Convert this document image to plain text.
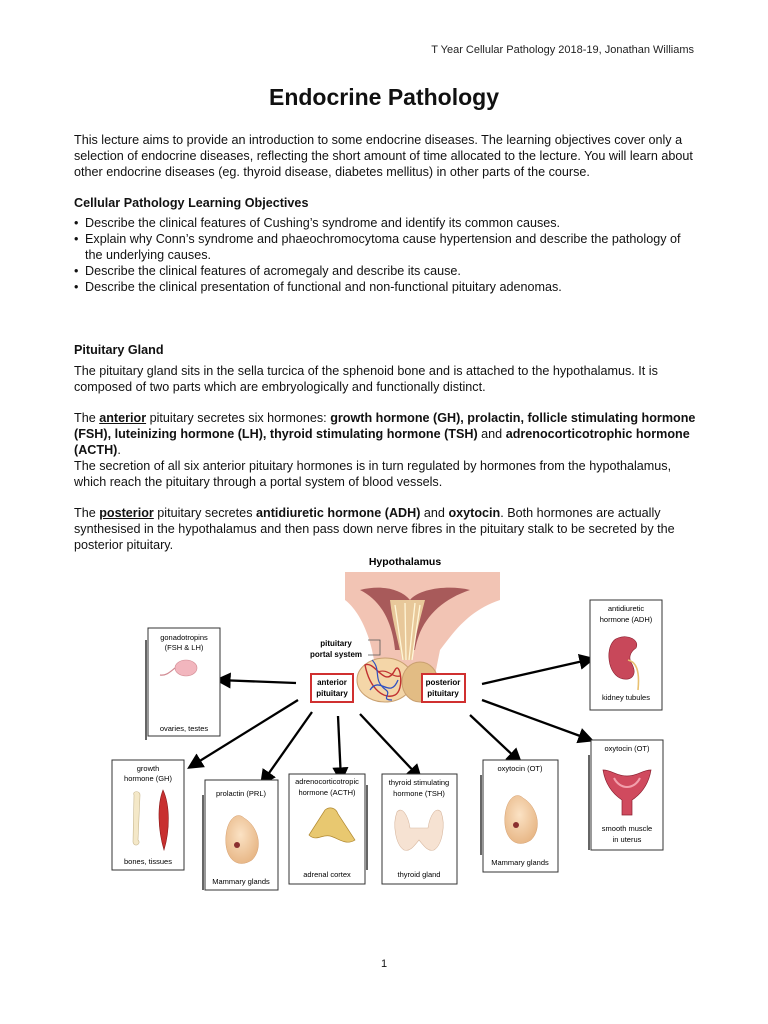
T Year Cellular Pathology 2018-19, Jonathan Williams
Endocrine Pathology

This lecture aims to provide an introduction to some endocrine diseases. The learning objectives cover only a selection of endocrine diseases, reflecting the short amount of time allocated to the lecture. You will learn about other endocrine diseases (eg. thyroid disease, diabetes mellitus) in other parts of the course.

Cellular Pathology Learning Objectives

• Describe the clinical features of Cushing’s syndrome and identify its common causes.
• Explain why Conn’s syndrome and phaeochromocytoma cause hypertension and describe the pathology of the underlying causes.
• Describe the clinical features of acromegaly and describe its cause.
• Describe the clinical presentation of functional and non-functional pituitary adenomas.

Pituitary Gland

The pituitary gland sits in the sella turcica of the sphenoid bone and is attached to the hypothalamus. It is composed of two parts which are embryologically and functionally distinct.

The anterior pituitary secretes six hormones: growth hormone (GH), prolactin, follicle stimulating hormone (FSH), luteinizing hormone (LH), thyroid stimulating hormone (TSH) and adrenocorticotrophic hormone (ACTH).

The secretion of all six anterior pituitary hormones is in turn regulated by hormones from the hypothalamus, which reach the pituitary through a portal system of blood vessels.

The posterior pituitary secretes antidiuretic hormone (ADH) and oxytocin. Both hormones are actually synthesised in the hypothalamus and then pass down nerve fibres in the pituitary stalk to be secreted by the posterior pituitary.

Hypothalamus
pituitary
portal system
anterior
pituitary
posterior
pituitary
gonadotropins
(FSH & LH)
ovaries, testes
growth
hormone (GH)
bones, tissues
prolactin (PRL)
Mammary glands
adrenocorticotropic
hormone (ACTH)
adrenal cortex
thyroid stimulating
hormone (TSH)
thyroid gland
oxytocin (OT)
Mammary glands
antidiuretic
hormone (ADH)
kidney tubules
oxytocin (OT)
smooth muscle
in uterus
1
